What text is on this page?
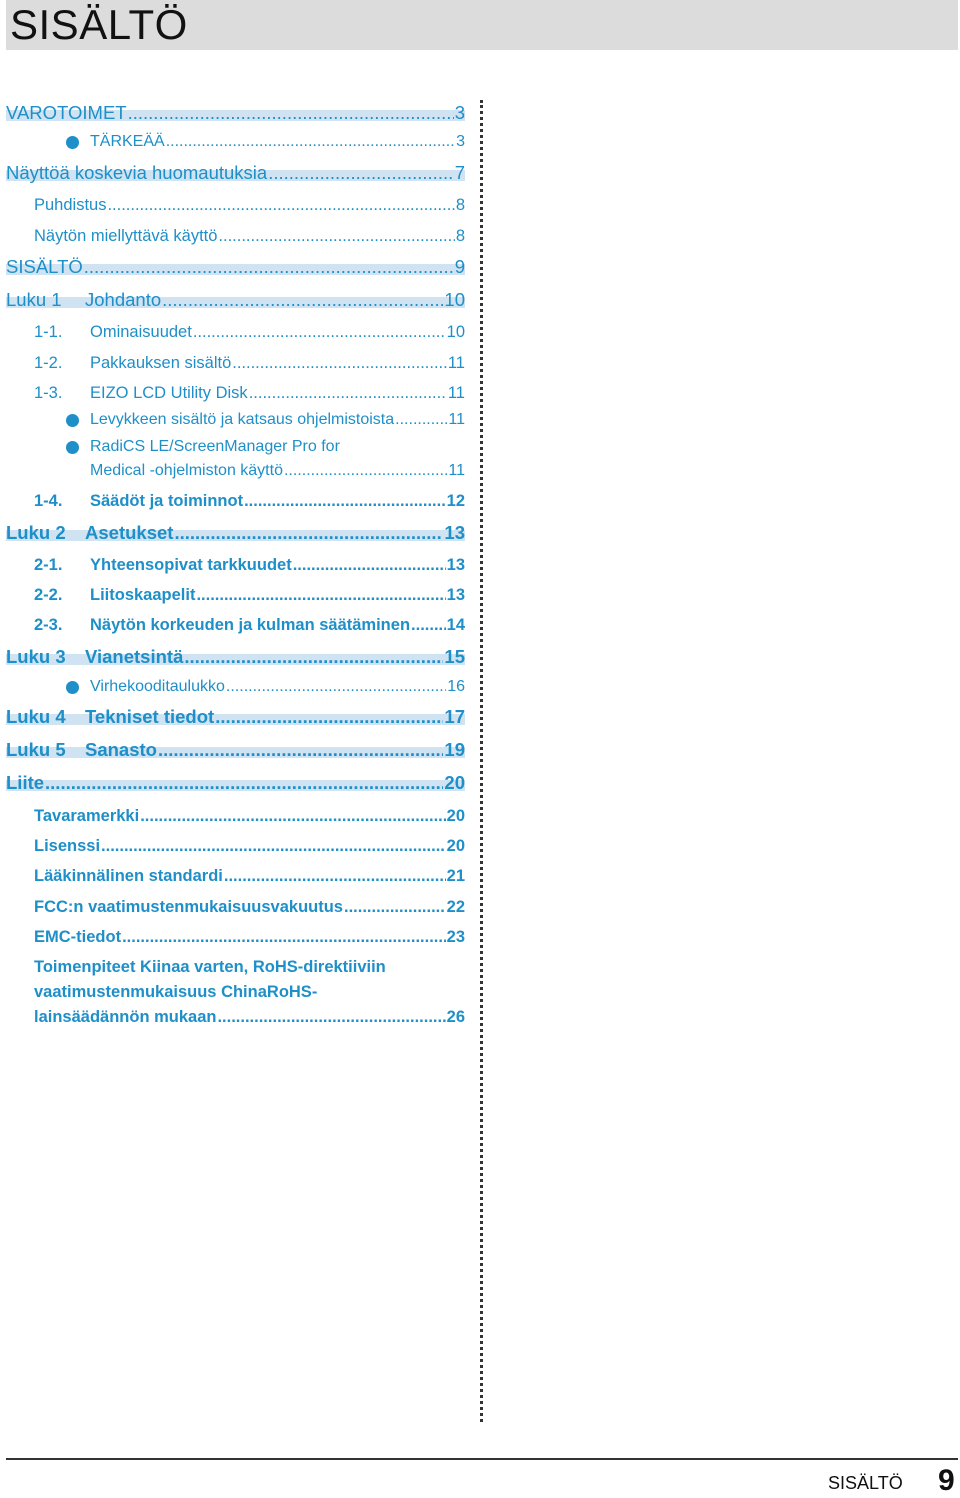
SISÄLTÖ
VAROTOIMET .....	3
TÄRKEÄÄ .....	3
Näyttöä koskevia huomautuksia .....	7
Puhdistus .....	8
Näytön miellyttävä käyttö .....	8
SISÄLTÖ .....	9
Luku 1	Johdanto .....	10
1-1.	Ominaisuudet .....	10
1-2.	Pakkauksen sisältö .....	11
1-3.	EIZO LCD Utility Disk .....	11
Levykkeen sisältö ja katsaus ohjelmistoista .....	11
RadiCS LE/ScreenManager Pro for
Medical -ohjelmiston käyttö .....	11
1-4.	Säädöt ja toiminnot .....	12
Luku 2	Asetukset .....	13
2-1.	Yhteensopivat tarkkuudet .....	13
2-2.	Liitoskaapelit .....	13
2-3.	Näytön korkeuden ja kulman säätäminen ..... 14
Luku 3	Vianetsintä .....	15
Virhekooditaulukko .....	16
Luku 4	Tekniset tiedot .....	17
Luku 5	Sanasto .....	19
Liite .....	20
Tavaramerkki .....	20
Lisenssi .....	20
Lääkinnälinen standardi .....	21
FCC:n vaatimustenmukaisuusvakuutus .....	22
EMC-tiedot .....	23
Toimenpiteet Kiinaa varten, RoHS-direktiiviin
vaatimustenmukaisuus ChinaRoHS-
lainsäädännön mukaan .....	26
SISÄLTÖ 9
